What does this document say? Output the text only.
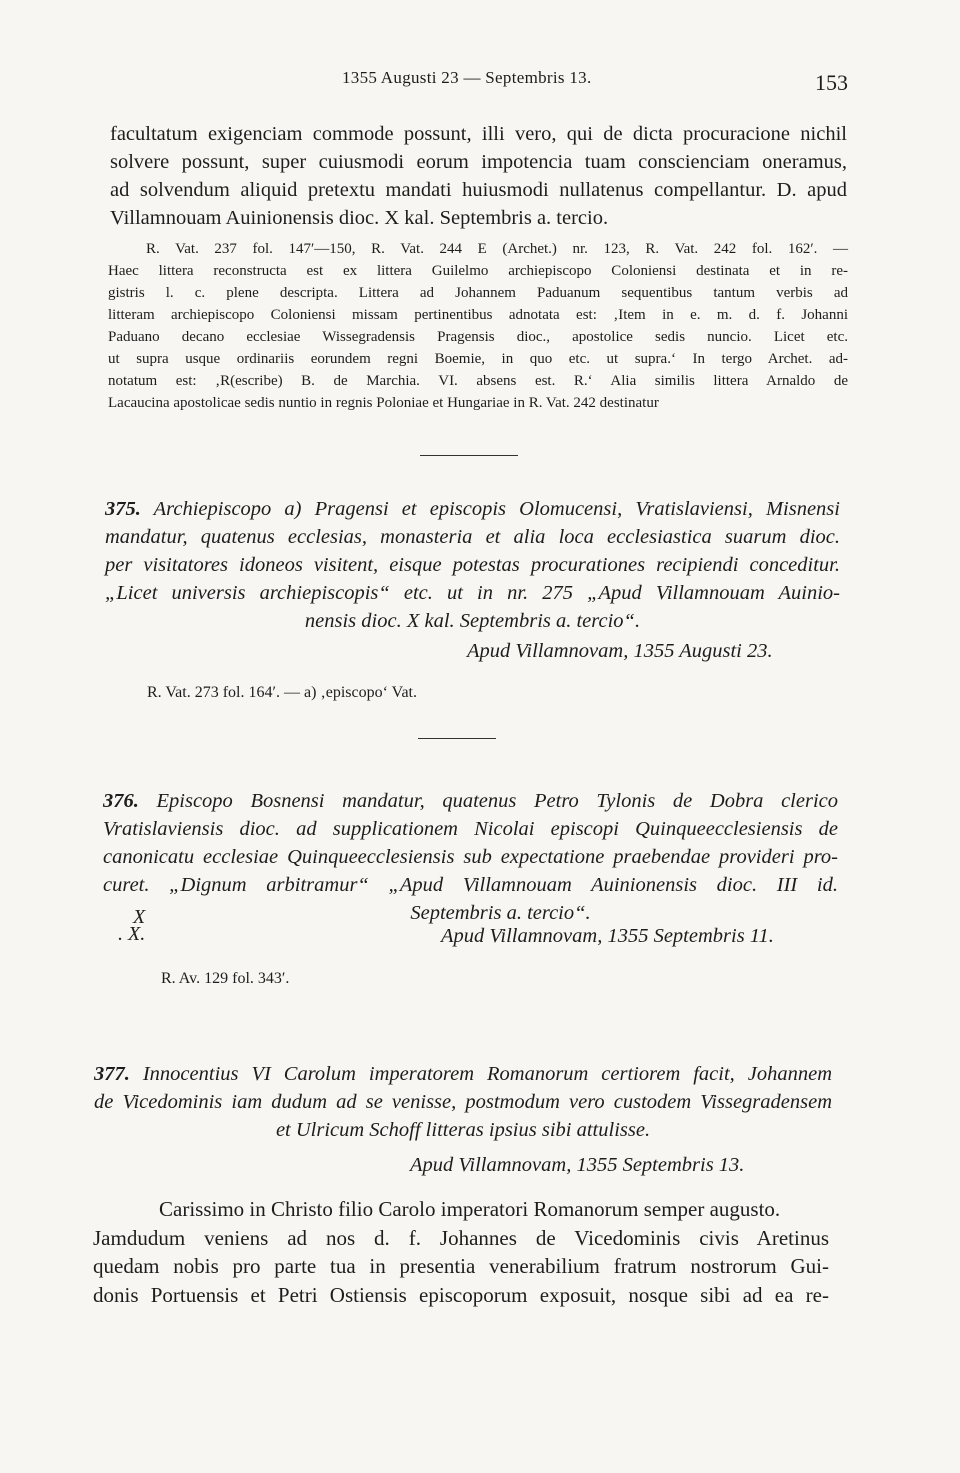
1355 Augusti 23 — Septembris 13.	153
facultatum exigenciam commode possunt, illi vero, qui de dicta procuracione nichil
solvere possunt, super cuiusmodi eorum impotencia tuam conscienciam oneramus,
ad solvendum aliquid pretextu mandati huiusmodi nullatenus compellantur. D. apud
Villamnouam Auinionensis dioc. X kal. Septembris a. tercio.
R. Vat. 237 fol. 147′—150, R. Vat. 244 E (Archet.) nr. 123, R. Vat. 242 fol. 162′. —
Haec littera reconstructa est ex littera Guilelmo archiepiscopo Coloniensi destinata et in re-
gistris l. c. plene descripta. Littera ad Johannem Paduanum sequentibus tantum verbis ad
litteram archiepiscopo Coloniensi missam pertinentibus adnotata est: ‚Item in e. m. d. f. Johanni
Paduano decano ecclesiae Wissegradensis Pragensis dioc., apostolice sedis nuncio. Licet etc.
ut supra usque ordinariis eorundem regni Boemie, in quo etc. ut supra.‘ In tergo Archet. ad-
notatum est: ‚R(escribe) B. de Marchia. VI. absens est. R.‘ Alia similis littera Arnaldo de
Lacaucina apostolicae sedis nuntio in regnis Poloniae et Hungariae in R. Vat. 242 destinatur
375. Archiepiscopo a) Pragensi et episcopis Olomucensi, Vratislaviensi, Misnensi
mandatur, quatenus ecclesias, monasteria et alia loca ecclesiastica suarum dioc.
per visitatores idoneos visitent, eisque potestas procurationes recipiendi conceditur.
„Licet universis archiepiscopis“ etc. ut in nr. 275 „Apud Villamnouam Auinio-
nensis dioc. X kal. Septembris a. tercio“.
Apud Villamnovam, 1355 Augusti 23.
R. Vat. 273 fol. 164′. — a) ‚episcopo‘ Vat.
376. Episcopo Bosnensi mandatur, quatenus Petro Tylonis de Dobra clerico
Vratislaviensis dioc. ad supplicationem Nicolai episcopi Quinqueecclesiensis de
canonicatu ecclesiae Quinqueecclesiensis sub expectatione praebendae provideri pro-
curet. „Dignum arbitramur“ „Apud Villamnouam Auinionensis dioc. III id.
Septembris a. tercio“.
X
. X.	Apud Villamnovam, 1355 Septembris 11.
R. Av. 129 fol. 343′.
377. Innocentius VI Carolum imperatorem Romanorum certiorem facit, Johannem
de Vicedominis iam dudum ad se venisse, postmodum vero custodem Vissegradensem
et Ulricum Schoff litteras ipsius sibi attulisse.
Apud Villamnovam, 1355 Septembris 13.
Carissimo in Christo filio Carolo imperatori Romanorum semper augusto.
Jamdudum veniens ad nos d. f. Johannes de Vicedominis civis Aretinus
quedam nobis pro parte tua in presentia venerabilium fratrum nostrorum Gui-
donis Portuensis et Petri Ostiensis episcoporum exposuit, nosque sibi ad ea re-
